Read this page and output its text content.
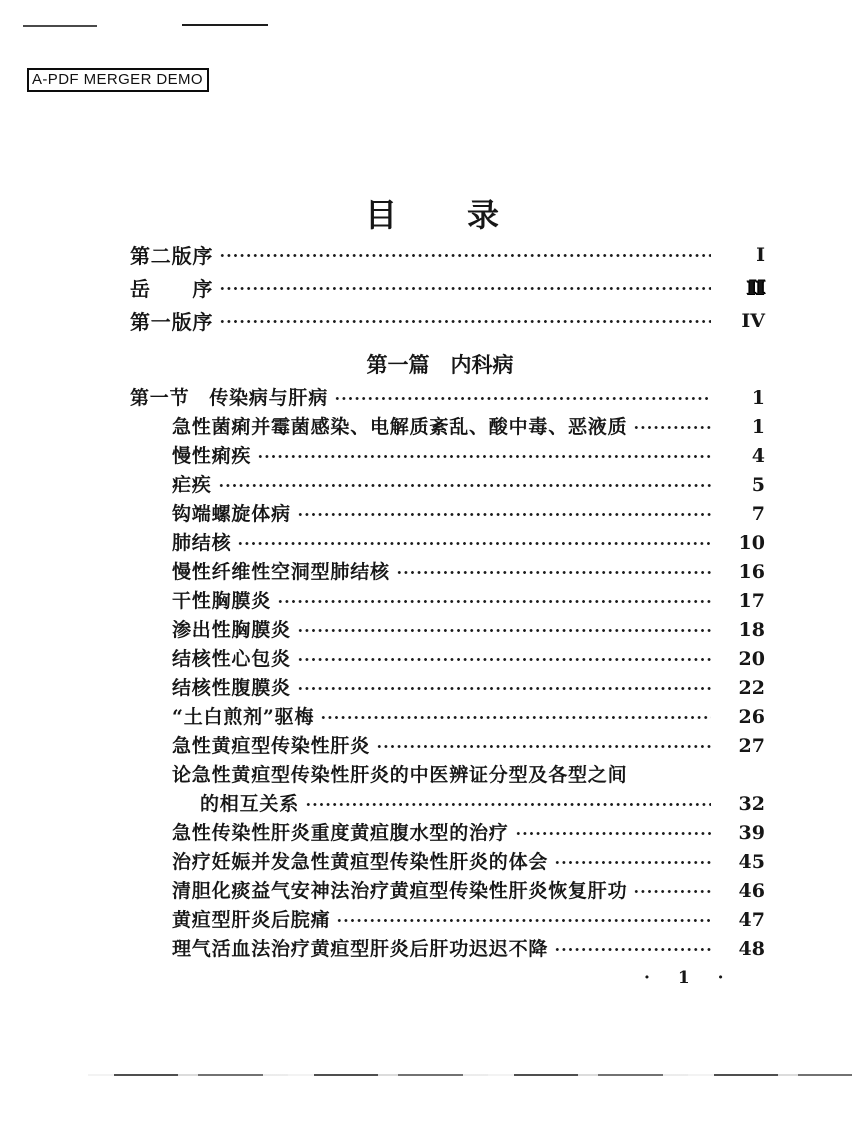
A-PDF MERGER DEMO
目　　录
第二版序	I
岳　　序	II
第一版序	IV
第一篇　内科病
第一节　传染病与肝病	1
急性菌痢并霉菌感染、电解质紊乱、酸中毒、恶液质	1
慢性痢疾	4
疟疾	5
钩端螺旋体病	7
肺结核	10
慢性纤维性空洞型肺结核	16
干性胸膜炎	17
渗出性胸膜炎	18
结核性心包炎	20
结核性腹膜炎	22
“土白煎剂”驱梅	26
急性黄疸型传染性肝炎	27
论急性黄疸型传染性肝炎的中医辨证分型及各型之间
的相互关系	32
急性传染性肝炎重度黄疸腹水型的治疗	39
治疗妊娠并发急性黄疸型传染性肝炎的体会	45
清胆化痰益气安神法治疗黄疸型传染性肝炎恢复肝功	46
黄疸型肝炎后脘痛	47
理气活血法治疗黄疸型肝炎后肝功迟迟不降	48
· 1 ·
